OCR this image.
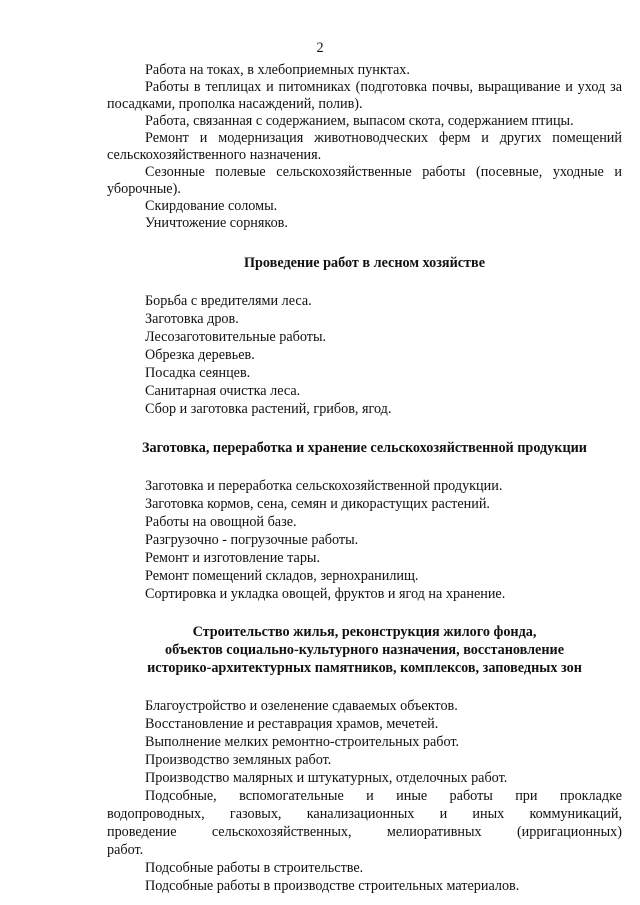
2

Работа на токах, в хлебоприемных пунктах.

Работы в теплицах и питомниках (подготовка почвы, выращивание и уход за посадками, прополка насаждений, полив).

Работа, связанная с содержанием, выпасом скота, содержанием птицы.

Ремонт и модернизация животноводческих ферм и других помещений сельскохозяйственного назначения.

Сезонные полевые сельскохозяйственные работы (посевные, уходные и уборочные).

Скирдование соломы.

Уничтожение сорняков.

Проведение работ в лесном хозяйстве

Борьба с вредителями леса.

Заготовка дров.

Лесозаготовительные работы.

Обрезка деревьев.

Посадка сеянцев.

Санитарная очистка леса.

Сбор и заготовка растений, грибов, ягод.

Заготовка, переработка и хранение сельскохозяйственной продукции

Заготовка и переработка сельскохозяйственной продукции.

Заготовка кормов, сена, семян и дикорастущих растений.

Работы на овощной базе.

Разгрузочно - погрузочные работы.

Ремонт и изготовление тары.

Ремонт помещений складов, зернохранилищ.

Сортировка и укладка овощей, фруктов и ягод на хранение.

Строительство жилья, реконструкция жилого фонда,
объектов социально-культурного назначения, восстановление
историко-архитектурных памятников, комплексов, заповедных зон

Благоустройство и озеленение сдаваемых объектов.

Восстановление и реставрация храмов, мечетей.

Выполнение мелких ремонтно-строительных работ.

Производство земляных работ.

Производство малярных и штукатурных, отделочных работ.

Подсобные, вспомогательные и иные работы при прокладке водопроводных, газовых, канализационных и иных коммуникаций, проведение сельскохозяйственных, мелиоративных (ирригационных) работ.

Подсобные работы в строительстве.

Подсобные работы в производстве строительных материалов.
